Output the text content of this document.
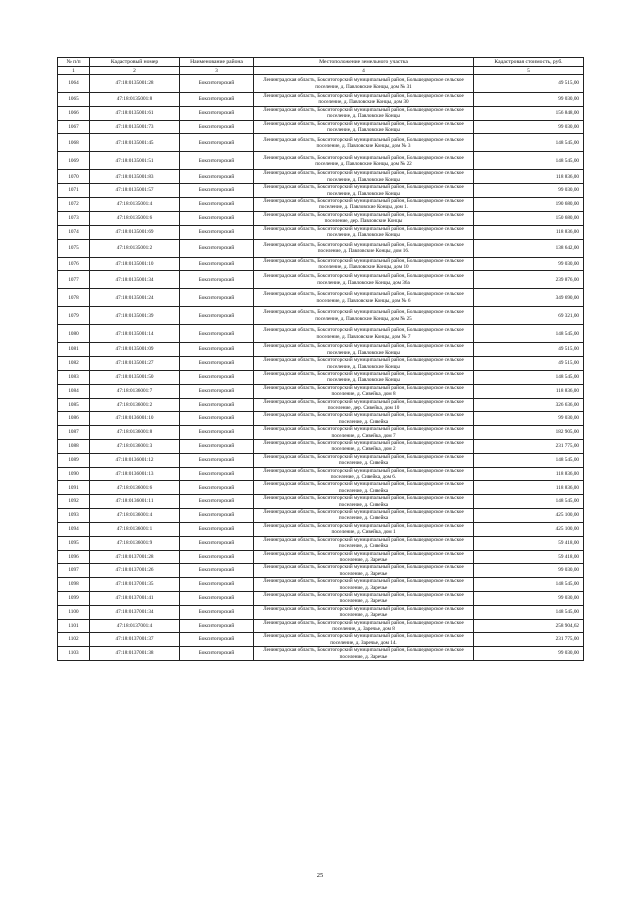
№ п/п	Кадастровый номер	Наименование района	Местоположение земельного участка	Кадастровая стоимость, руб.
1	2	3	4	5
1064	47:18:0135001:28	Бокситогорский	Ленинградская область, Бокситогорский муниципальный район, Большедворское сельское поселение, д. Павловские Концы, дом № 31	49 515,00
1065	47:18:0135001:8	Бокситогорский	Ленинградская область, Бокситогорский муниципальный район, Большедворское сельское поселение, д. Павловские Концы, дом 30	99 030,00
1066	47:18:0135001:61	Бокситогорский	Ленинградская область, Бокситогорский муниципальный район, Большедворское сельское поселение, д. Павловские Концы	156 848,00
1067	47:18:0135001:73	Бокситогорский	Ленинградская область, Бокситогорский муниципальный район, Большедворское сельское поселение, д. Павловские Концы	99 030,00
1068	47:18:0135001:45	Бокситогорский	Ленинградская область, Бокситогорский муниципальный район, Большедворское сельское поселение, д. Павловские Концы, дом № 3	148 545,00
1069	47:18:0135001:51	Бокситогорский	Ленинградская область, Бокситогорский муниципальный район, Большедворское сельское поселение, д. Павловские Концы, дом № 22	148 545,00
1070	47:18:0135001:83	Бокситогорский	Ленинградская область, Бокситогорский муниципальный район, Большедворское сельское поселение, д. Павловские Концы	118 836,00
1071	47:18:0135001:57	Бокситогорский	Ленинградская область, Бокситогорский муниципальный район, Большедворское сельское поселение, д. Павловские Концы	99 030,00
1072	47:18:0135001:4	Бокситогорский	Ленинградская область, Бокситогорский муниципальный район, Большедворское сельское поселение, д. Павловские Концы, дом 1.	190 680,00
1073	47:18:0135001:6	Бокситогорский	Ленинградская область, Бокситогорский муниципальный район, Большедворское сельское поселение, дер. Павловские Концы	150 680,00
1074	47:18:0135001:69	Бокситогорский	Ленинградская область, Бокситогорский муниципальный район, Большедворское сельское поселение, д. Павловские Концы	118 836,00
1075	47:18:0135001:2	Бокситогорский	Ленинградская область, Бокситогорский муниципальный район, Большедворское сельское поселение, д. Павловские Концы, дом 16.	138 642,00
1076	47:18:0135001:10	Бокситогорский	Ленинградская область, Бокситогорский муниципальный район, Большедворское сельское поселение, д. Павловские Концы, дом 10	99 030,00
1077	47:18:0135001:34	Бокситогорский	Ленинградская область, Бокситогорский муниципальный район, Большедворское сельское поселение, д. Павловские Концы, дом 36а	239 876,00
1078	47:18:0135001:24	Бокситогорский	Ленинградская область, Бокситогорский муниципальный район, Большедворское сельское поселение, д. Павловские Концы, дом № 6	349 690,00
1079	47:18:0135001:39	Бокситогорский	Ленинградская область, Бокситогорский муниципальный район, Большедворское сельское поселение, д. Павловские Концы, дом № 25	69 321,00
1080	47:18:0135001:14	Бокситогорский	Ленинградская область, Бокситогорский муниципальный район, Большедворское сельское поселение, д. Павловские Концы, дом № 7	148 545,00
1081	47:18:0135001:09	Бокситогорский	Ленинградская область, Бокситогорский муниципальный район, Большедворское сельское поселение, д. Павловские Концы	49 515,00
1082	47:18:0135001:27	Бокситогорский	Ленинградская область, Бокситогорский муниципальный район, Большедворское сельское поселение, д. Павловские Концы	49 515,00
1083	47:18:0135001:50	Бокситогорский	Ленинградская область, Бокситогорский муниципальный район, Большедворское сельское поселение, д. Павловские Концы	148 545,00
1084	47:18:0136001:7	Бокситогорский	Ленинградская область, Бокситогорский муниципальный район, Большедворское сельское поселение, д. Сивейка, дом 8	118 836,00
1085	47:18:0136001:2	Бокситогорский	Ленинградская область, Бокситогорский муниципальный район, Большедворское сельское поселение, дер. Сивейка, дом 10	326 636,00
1086	47:18:0136001:10	Бокситогорский	Ленинградская область, Бокситогорский муниципальный район, Большедворское сельское поселение, д. Сивейка	99 030,00
1087	47:18:0136001:8	Бокситогорский	Ленинградская область, Бокситогорский муниципальный район, Большедворское сельское поселение, д. Сивейка, дом 7	182 905,00
1088	47:18:0136001:3	Бокситогорский	Ленинградская область, Бокситогорский муниципальный район, Большедворское сельское поселение, д. Сивейка, дом 2	231 775,00
1089	47:18:0136001:12	Бокситогорский	Ленинградская область, Бокситогорский муниципальный район, Большедворское сельское поселение, д. Сивейка	148 545,00
1090	47:18:0136001:13	Бокситогорский	Ленинградская область, Бокситогорский муниципальный район, Большедворское сельское поселение, д. Сивейка, дом 6.	118 836,00
1091	47:18:0136001:6	Бокситогорский	Ленинградская область, Бокситогорский муниципальный район, Большедворское сельское поселение, д. Сивейка	118 836,00
1092	47:18:0136001:11	Бокситогорский	Ленинградская область, Бокситогорский муниципальный район, Большедворское сельское поселение, д. Сивейка	148 545,00
1093	47:18:0136001:4	Бокситогорский	Ленинградская область, Бокситогорский муниципальный район, Большедворское сельское поселение, д. Сивейка	425 100,00
1094	47:18:0136001:1	Бокситогорский	Ленинградская область, Бокситогорский муниципальный район, Большедворское сельское поселение, д. Сивейка, дом 1	425 100,00
1095	47:18:0136001:9	Бокситогорский	Ленинградская область, Бокситогорский муниципальный район, Большедворское сельское поселение, д. Сивейка	59 418,00
1096	47:18:0137001:28	Бокситогорский	Ленинградская область, Бокситогорский муниципальный район, Большедворское сельское поселение, д. Заречье	59 418,00
1097	47:18:0137001:26	Бокситогорский	Ленинградская область, Бокситогорский муниципальный район, Большедворское сельское поселение, д. Заречье	99 030,00
1098	47:18:0137001:35	Бокситогорский	Ленинградская область, Бокситогорский муниципальный район, Большедворское сельское поселение, д. Заречье	148 545,00
1099	47:18:0137001:41	Бокситогорский	Ленинградская область, Бокситогорский муниципальный район, Большедворское сельское поселение, д. Заречье	99 030,00
1100	47:18:0137001:34	Бокситогорский	Ленинградская область, Бокситогорский муниципальный район, Большедворское сельское поселение, д. Заречье	148 545,00
1101	47:18:0137001:4	Бокситогорский	Ленинградская область, Бокситогорский муниципальный район, Большедворское сельское поселение, д. Заречье, дом 8	258 904,62
1102	47:18:0137001:37	Бокситогорский	Ленинградская область, Бокситогорский муниципальный район, Большедворское сельское поселение, д. Заречье, дом 14.	231 775,00
1103	47:18:0137001:38	Бокситогорский	Ленинградская область, Бокситогорский муниципальный район, Большедворское сельское поселение, д. Заречье	99 030,00
25
